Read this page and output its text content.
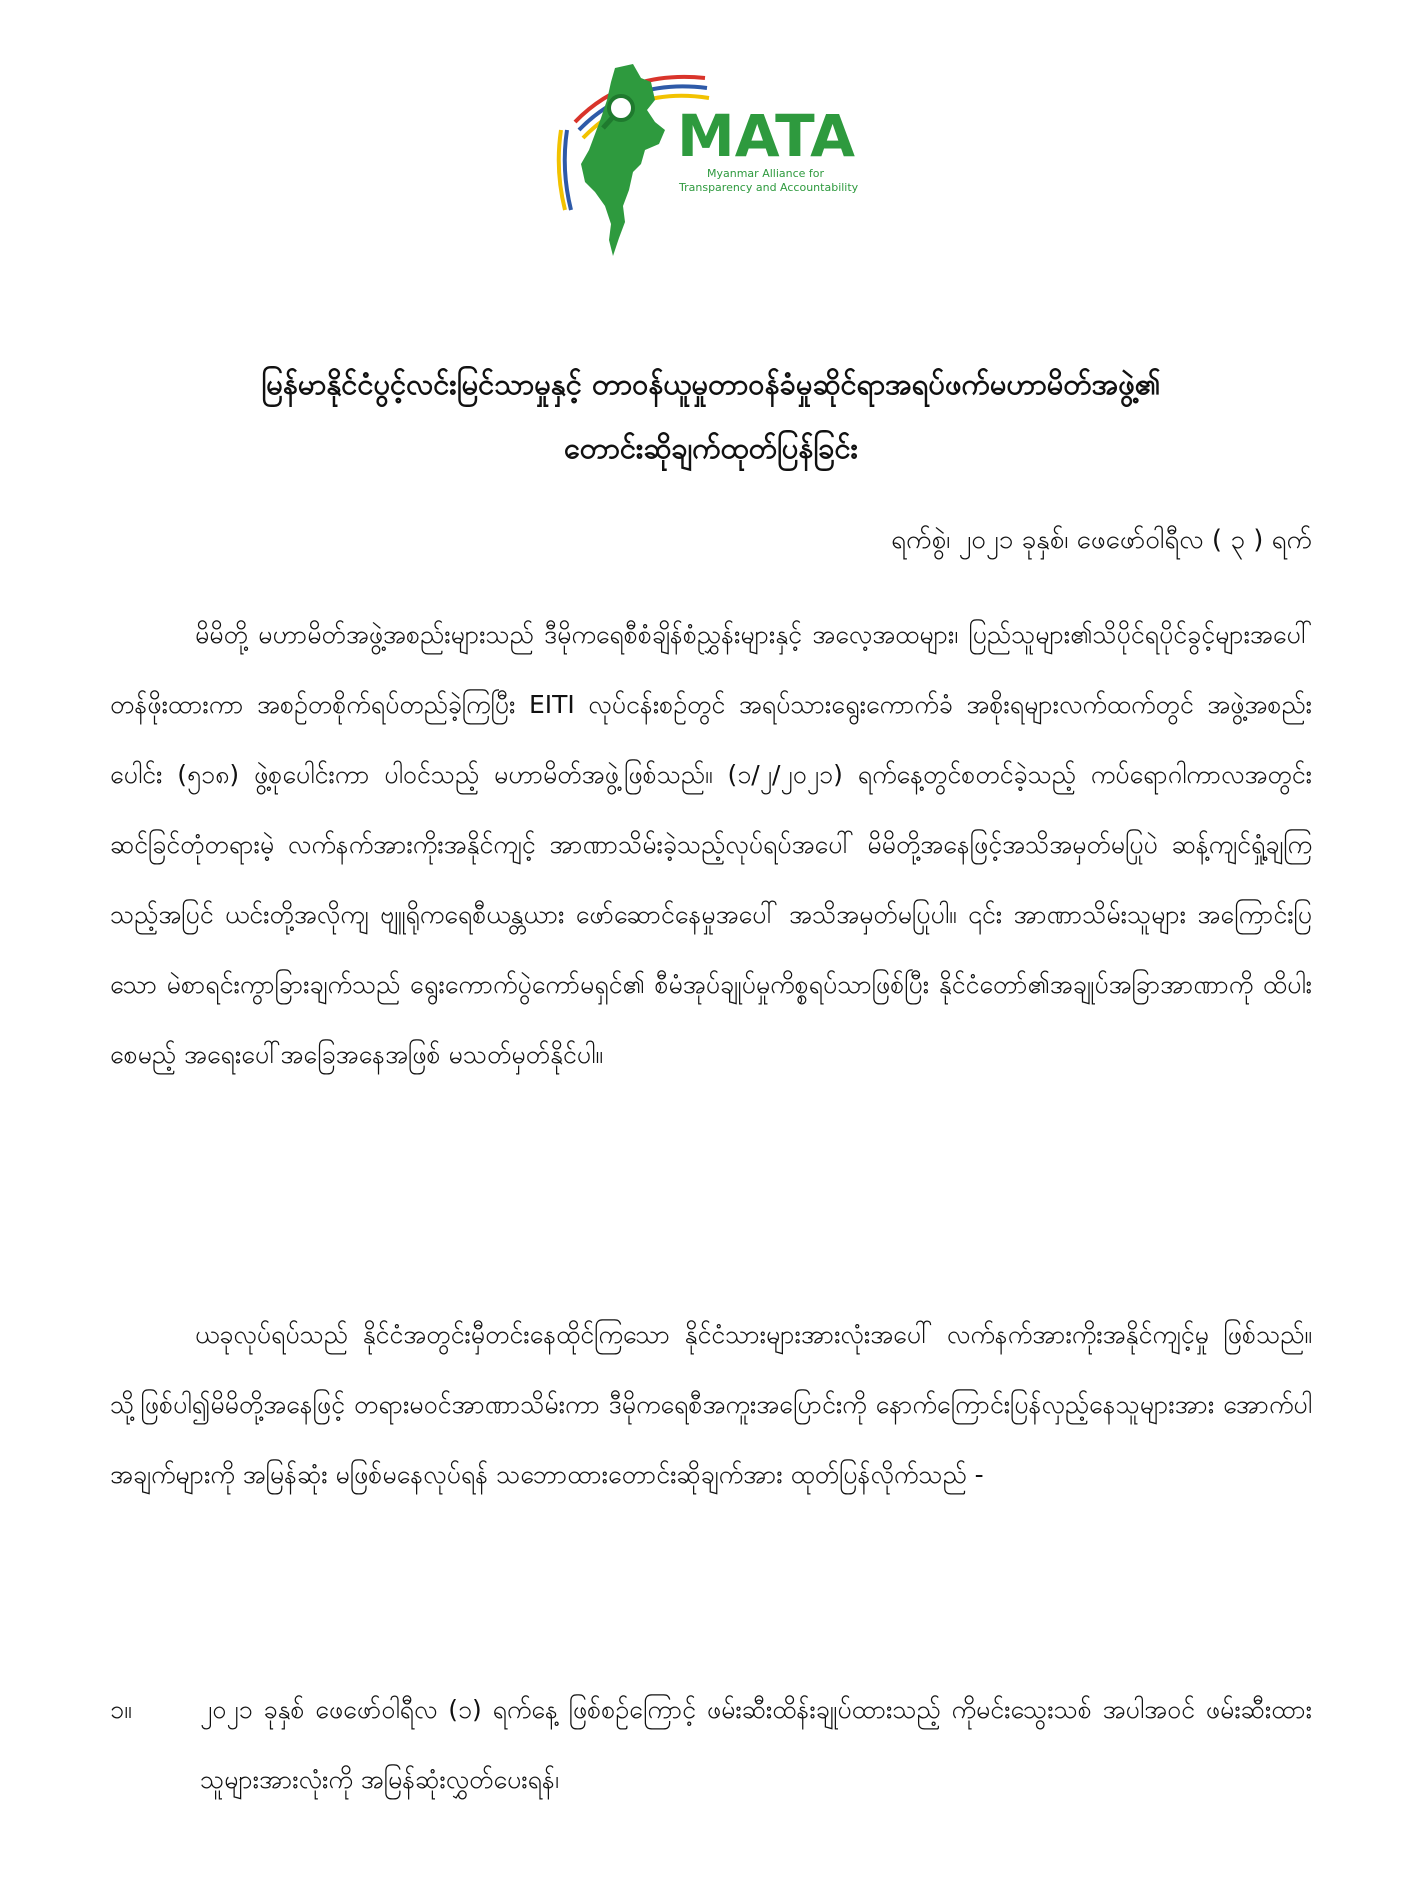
MATA
Myanmar Alliance for
Transparency and Accountability
မြန်မာနိုင်ငံပွင့်လင်းမြင်သာမှုနှင့် တာဝန်ယူမှုတာဝန်ခံမှုဆိုင်ရာအရပ်ဖက်မဟာမိတ်အဖွဲ့၏
တောင်းဆိုချက်ထုတ်ပြန်ခြင်း

ရက်စွဲ၊ ၂၀၂၁ ခုနှစ်၊ ဖေဖော်ဝါရီလ ( ၃ ) ရက်

မိမိတို့ မဟာမိတ်အဖွဲ့အစည်းများသည် ဒီမိုကရေစီစံချိန်စံညွှန်းများနှင့် အလေ့အထများ၊ ပြည်သူများ၏သိပိုင်ရပိုင်ခွင့်များအပေါ် တန်ဖိုးထားကာ အစဉ်တစိုက်ရပ်တည်ခဲ့ကြပြီး EITI လုပ်ငန်းစဉ်တွင် အရပ်သားရွေးကောက်ခံ အစိုးရများလက်ထက်တွင် အဖွဲ့အစည်းပေါင်း (၅၁၈) ဖွဲ့စုပေါင်းကာ ပါဝင်သည့် မဟာမိတ်အဖွဲ့ဖြစ်သည်။ (၁/၂/၂၀၂၁) ရက်နေ့တွင်စတင်ခဲ့သည့် ကပ်ရောဂါကာလအတွင်း ဆင်ခြင်တုံတရားမဲ့ လက်နက်အားကိုးအနိုင်ကျင့် အာဏာသိမ်းခဲ့သည့်လုပ်ရပ်အပေါ် မိမိတို့အနေဖြင့်အသိအမှတ်မပြုပဲ ဆန့်ကျင်ရှုံ့ချကြသည့်အပြင် ယင်းတို့အလိုကျ ဗျူရိုကရေစီယန္တယား ဖော်ဆောင်နေမှုအပေါ် အသိအမှတ်မပြုပါ။ ၎င်း အာဏာသိမ်းသူများ အကြောင်းပြသော မဲစာရင်းကွာခြားချက်သည် ရွေးကောက်ပွဲကော်မရှင်၏ စီမံအုပ်ချုပ်မှုကိစ္စရပ်သာဖြစ်ပြီး နိုင်ငံတော်၏အချုပ်အခြာအာဏာကို ထိပါးစေမည့် အရေးပေါ်အခြေအနေအဖြစ် မသတ်မှတ်နိုင်ပါ။

ယခုလုပ်ရပ်သည် နိုင်ငံအတွင်းမှီတင်းနေထိုင်ကြသော နိုင်ငံသားများအားလုံးအပေါ် လက်နက်အားကိုးအနိုင်ကျင့်မှု ဖြစ်သည်။ သို့ဖြစ်ပါ၍မိမိတို့အနေဖြင့် တရားမဝင်အာဏာသိမ်းကာ ဒီမိုကရေစီအကူးအပြောင်းကို နောက်ကြောင်းပြန်လှည့်နေသူများအား အောက်ပါအချက်များကို အမြန်ဆုံး မဖြစ်မနေလုပ်ရန် သဘောထားတောင်းဆိုချက်အား ထုတ်ပြန်လိုက်သည် -

၁။	၂၀၂၁ ခုနှစ် ဖေဖော်ဝါရီလ (၁) ရက်နေ့ ဖြစ်စဉ်ကြောင့် ဖမ်းဆီးထိန်းချုပ်ထားသည့် ကိုမင်းသွေးသစ် အပါအဝင် ဖမ်းဆီးထားသူများအားလုံးကို အမြန်ဆုံးလွှတ်ပေးရန်၊
